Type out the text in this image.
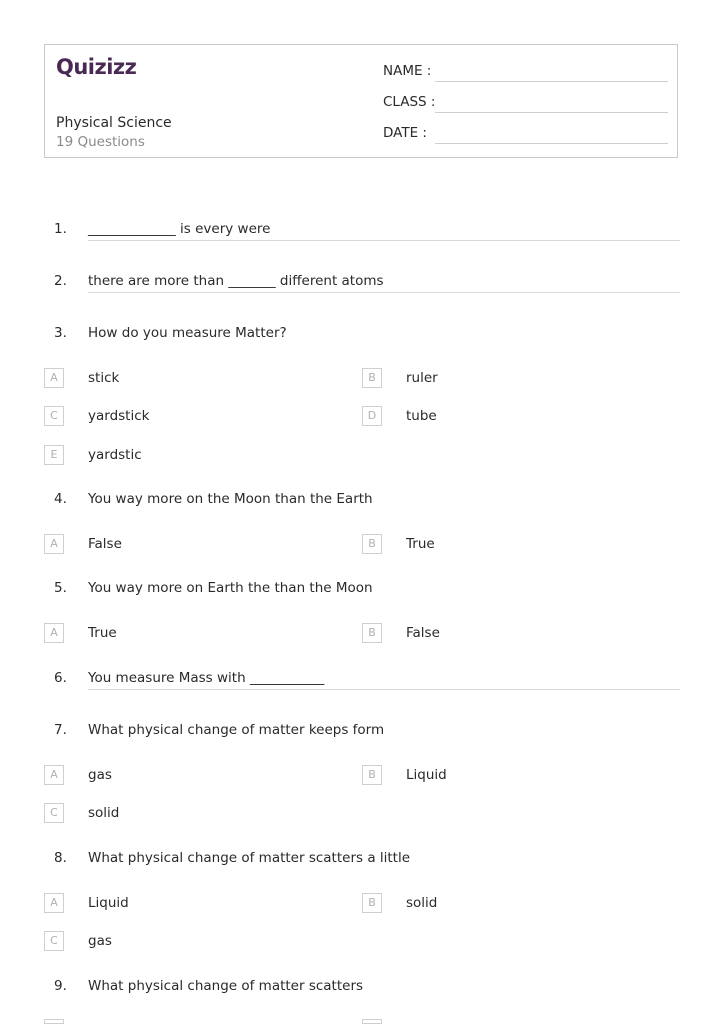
Quizizz
Physical Science
19 Questions
NAME :
CLASS :
DATE :
1. _____________ is every were
2. there are more than _______ different atoms
3. How do you measure Matter?
A	stick	B	ruler
C	yardstick	D	tube
E	yardstic
4. You way more on the Moon than the Earth
A	False	B	True
5. You way more on Earth the than the Moon
A	True	B	False
6. You measure Mass with ___________
7. What physical change of matter keeps form
A	gas	B	Liquid
C	solid
8. What physical change of matter scatters a little
A	Liquid	B	solid
C	gas
9. What physical change of matter scatters
